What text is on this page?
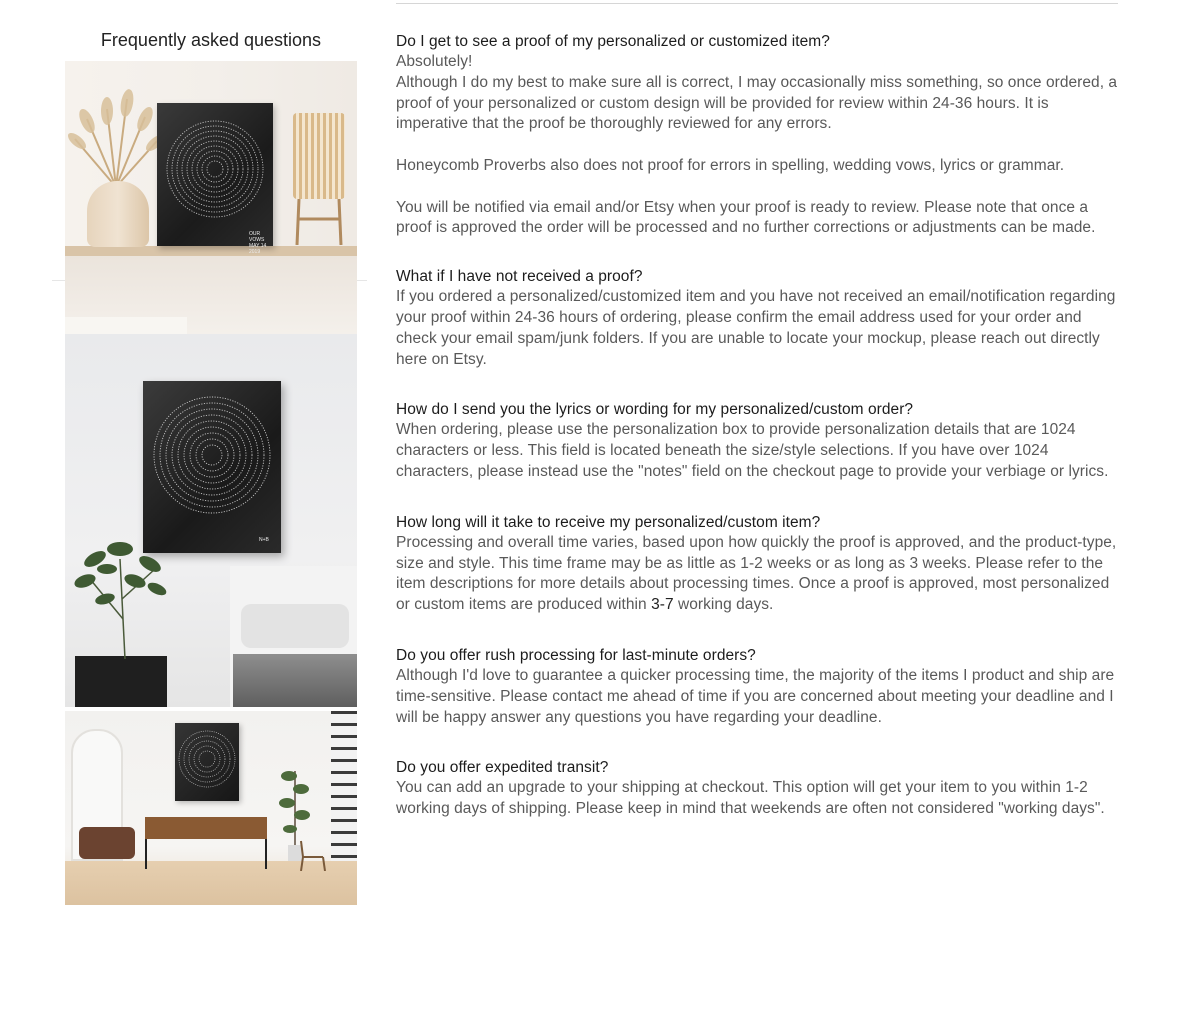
Frequently asked questions
OUR VOWS
MAY 14 2019
N+B

Do I get to see a proof of my personalized or customized item?

Absolutely!
Although I do my best to make sure all is correct, I may occasionally miss something, so once ordered, a proof of your personalized or custom design will be provided for review within 24-36 hours. It is imperative that the proof be thoroughly reviewed for any errors.

Honeycomb Proverbs also does not proof for errors in spelling, wedding vows, lyrics or grammar.

You will be notified via email and/or Etsy when your proof is ready to review. Please note that once a proof is approved the order will be processed and no further corrections or adjustments can be made.

What if I have not received a proof?

If you ordered a personalized/customized item and you have not received an email/notification regarding your proof within 24-36 hours of ordering, please confirm the email address used for your order and check your email spam/junk folders. If you are unable to locate your mockup, please reach out directly here on Etsy.

How do I send you the lyrics or wording for my personalized/custom order?

When ordering, please use the personalization box to provide personalization details that are 1024 characters or less. This field is located beneath the size/style selections. If you have over 1024 characters, please instead use the "notes" field on the checkout page to provide your verbiage or lyrics.

How long will it take to receive my personalized/custom item?

Processing and overall time varies, based upon how quickly the proof is approved, and the product-type, size and style. This time frame may be as little as 1-2 weeks or as long as 3 weeks. Please refer to the item descriptions for more details about processing times. Once a proof is approved, most personalized or custom items are produced within 3-7 working days.

Do you offer rush processing for last-minute orders?

Although I'd love to guarantee a quicker processing time, the majority of the items I product and ship are time-sensitive. Please contact me ahead of time if you are concerned about meeting your deadline and I will be happy answer any questions you have regarding your deadline.

Do you offer expedited transit?

You can add an upgrade to your shipping at checkout. This option will get your item to you within 1-2 working days of shipping. Please keep in mind that weekends are often not considered "working days".
